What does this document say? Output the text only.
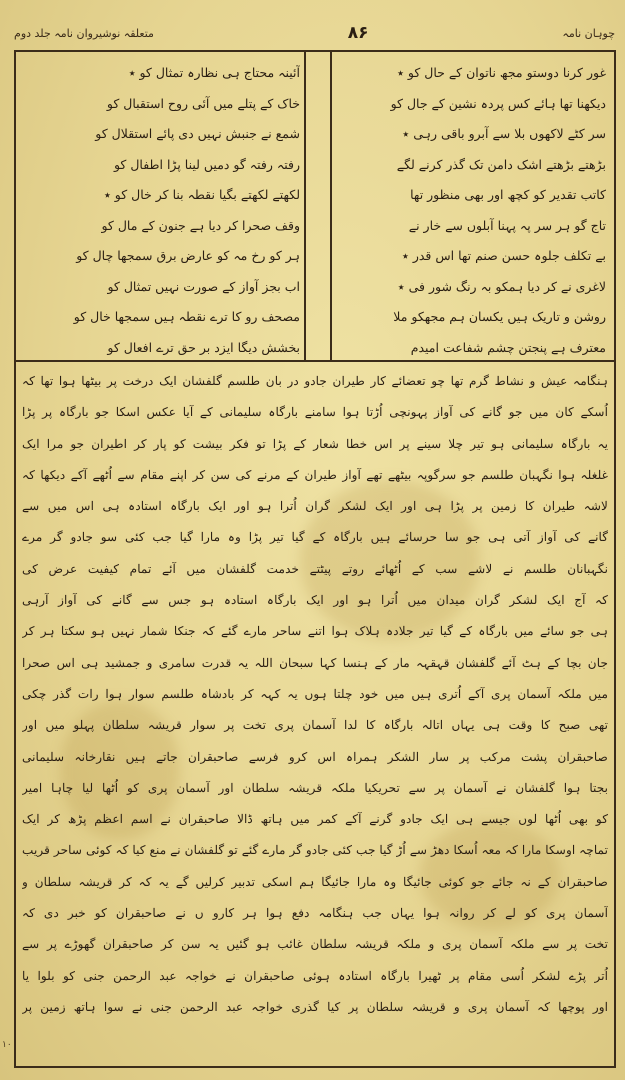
چوہان نامہ
۸۶
متعلقہ نوشیروان نامہ جلد دوم
غور کرنا دوستو مجھ ناتوان کے حال کو ٭
دیکھنا تھا ہائے کس پردہ نشین کے جال کو
سر کٹے لاکھوں بلا سے آبرو باقی رہی ٭
بڑھتے بڑھتے اشک دامن تک گذر کرنے لگے
کاتب تقدیر کو کچھ اور بھی منظور تھا
تاج گو ہر سر پہ پہنا آبلوں سے خار نے
بے تکلف جلوہ حسن صنم تھا اس قدر ٭
لاغری نے کر دیا ہمکو بہ رنگ شور فی ٭
روشن و تاریک ہیں یکسان ہم مجھکو ملا
معترف ہے پنجتن چشم شفاعت امیدم
آئینہ محتاج ہی نظارہ تمثال کو ٭
خاک کے پتلے میں آئی روح استقبال کو
شمع نے جنبش نہیں دی پائے استقلال کو
رفتہ رفتہ گو دمیں لینا پڑا اطفال کو
لکھتے لکھتے بگیا نقطہ بنا کر خال کو ٭
وقف صحرا کر دیا ہے جنون کے مال کو
ہر کو رخ مہ کو عارض برق سمجھا چال کو
اب بجز آواز کے صورت نہیں تمثال کو
مصحف رو کا ترے نقطہ ہیں سمجھا خال کو
بخشش دیگا ایزد بر حق ترے افعال کو
ہنگامہ عیش و نشاط گرم تھا چو تعضائے کار طیران جادو در بان طلسم گلفشان ایک درخت پر بیٹھا ہوا تھا کہ
اُسکے کان میں جو گانے کی آواز پہونچی اُڑتا ہوا سامنے بارگاہ سلیمانی کے آیا عکس اسکا جو بارگاہ پر پڑا
یہ بارگاہ سلیمانی ہو تیر چلا سینے پر اس خطا شعار کے پڑا تو فکر بیشت کو پار کر اطیران جو مرا ایک
غلغلہ ہوا نگہبان طلسم جو سرگوپہ بیٹھے تھے آواز طیران کے مرنے کی سن کر اپنے مقام سے اُٹھے آکے دیکھا کہ
لاشہ طیران کا زمین پر پڑا ہی اور ایک لشکر گران اُترا ہو اور ایک بارگاہ استادہ ہی اس میں سے
گانے کی آواز آتی ہی جو سا حرسائے ہیں بارگاہ کے گیا تیر پڑا وہ مارا گیا جب کئی سو جادو گر مرے
نگہبانان طلسم نے لاشے سب کے اُٹھائے روتے پیٹتے خدمت گلفشان میں آئے تمام کیفیت عرض کی
کہ آج ایک لشکر گران میدان میں اُترا ہو اور ایک بارگاہ استادہ ہو جس سے گانے کی آواز آرہی
ہی جو سائے میں بارگاہ کے گیا تیر جلادہ ہلاک ہوا اتنے ساحر مارے گئے کہ جنکا شمار نہیں ہو سکتا ہر کر
جان بچا کے ہٹ آئے گلفشان قہقہہ مار کے ہنسا کہا سبحان اللہ یہ قدرت سامری و جمشید ہی اس صحرا
میں ملکہ آسمان پری آکے اُتری ہیں میں خود چلتا ہوں یہ کہہ کر بادشاہ طلسم سوار ہوا رات گذر چکی
تھی صبح کا وقت ہی یہاں اتالہ بارگاہ کا لدا آسمان پری تخت پر سوار قریشہ سلطان پہلو میں اور
صاحبقران پشت مرکب پر سار الشکر ہمراہ اس کرو فرسے صاحبقران جاتے ہیں نقارخانہ سلیمانی
بجتا ہوا گلفشان نے آسمان پر سے تحریکیا ملکہ قریشہ سلطان اور آسمان پری کو اُٹھا لیا چاہا امیر
کو بھی اُٹھا لوں جیسے ہی ایک جادو گرنے آکے کمر میں ہاتھ ڈالا صاحبقران نے اسم اعظم پڑھ کر ایک
تماچہ اوسکا مارا کہ معہ اُسکا دھڑ سے اُڑ گیا جب کئی جادو گر مارے گئے تو گلفشان نے منع کیا کہ کوئی ساحر قریب
صاحبقران کے نہ جائے جو کوئی جائیگا وہ مارا جائیگا ہم اسکی تدبیر کرلیں گے یہ کہ کر قریشہ سلطان و
آسمان پری کو لے کر روانہ ہوا یہاں جب ہنگامہ دفع ہوا ہر کارو ں نے صاحبقران کو خبر دی کہ
تخت پر سے ملکہ آسمان پری و ملکہ قریشہ سلطان غائب ہو گئیں یہ سن کر صاحبقران گھوڑے پر سے
اُتر پڑے لشکر اُسی مقام پر ٹھیرا بارگاہ استادہ ہوئی صاحبقران نے خواجہ عبد الرحمن جنی کو بلوا یا
اور پوچھا کہ آسمان پری و قریشہ سلطان پر کیا گذری خواجہ عبد الرحمن جنی نے سوا ہاتھ زمین پر
۱۰
